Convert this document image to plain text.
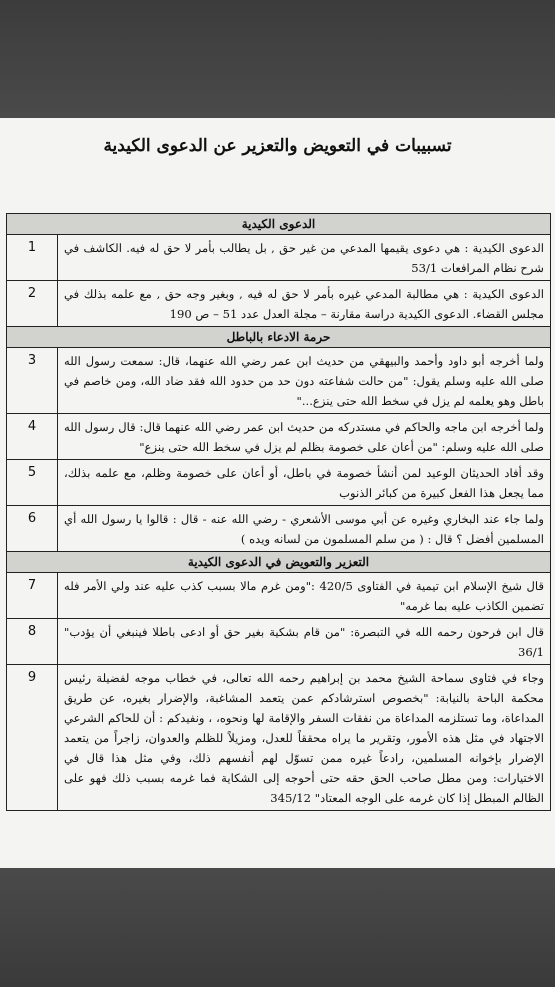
تسبيبات في التعويض والتعزير عن الدعوى الكيدية
الدعوى الكيدية	
الدعوى الكيدية : هي دعوى يقيمها المدعي من غير حق , بل يطالب بأمر لا حق له فيه. الكاشف في شرح نظام المرافعات 53/1	1
الدعوى الكيدية : هي مطالبة المدعي غيره بأمر لا حق له فيه , وبغير وجه حق , مع علمه بذلك في مجلس القضاء. الدعوى الكيدية دراسة مقارنة – مجلة العدل عدد 51 – ص 190	2
حرمة الادعاء بالباطل	
ولما أخرجه أبو داود وأحمد والبيهقي من حديث ابن عمر رضي الله عنهما، قال: سمعت رسول الله صلى الله عليه وسلم يقول: "من حالت شفاعته دون حد من حدود الله فقد ضاد الله، ومن خاصم في باطل وهو يعلمه لم يزل في سخط الله حتى ينزع..."	3
ولما أخرجه ابن ماجه والحاكم في مستدركه من حديث ابن عمر رضي الله عنهما قال: قال رسول الله صلى الله عليه وسلم: "من أعان على خصومة بظلم لم يزل في سخط الله حتى ينزع"	4
وقد أفاد الحديثان الوعيد لمن أنشأ خصومة في باطل، أو أعان على خصومة وظلم، مع علمه بذلك، مما يجعل هذا الفعل كبيرة من كبائر الذنوب	5
ولما جاء عند البخاري وغيره عن أبي موسى الأشعري - رضي الله عنه - قال : قالوا يا رسول الله أي المسلمين أفضل ؟ قال : ( من سلم المسلمون من لسانه ويده )	6
التعزير والتعويض في الدعوى الكيدية	
قال شيخ الإسلام ابن تيمية في الفتاوى 420/5 :"ومن غرم مالا بسبب كذب عليه عند ولي الأمر فله تضمين الكاذب عليه بما غرمه"	7
قال ابن فرحون رحمه الله في التبصرة: "من قام بشكية بغير حق أو ادعى باطلا فينبغي أن يؤدب" 36/1	8
وجاء في فتاوى سماحة الشيخ محمد بن إبراهيم رحمه الله تعالى، في خطاب موجه لفضيلة رئيس محكمة الباحة بالنيابة: "بخصوص استرشادكم عمن يتعمد المشاغبة، والإضرار بغيره، عن طريق المداعاة، وما تستلزمه المداعاة من نفقات السفر والإقامة لها ونحوه، ، ونفيدكم : أن للحاكم الشرعي الاجتهاد في مثل هذه الأمور، وتقرير ما يراه محققاً للعدل، ومزيلاً للظلم والعدوان، زاجراً من يتعمد الإضرار بإخوانه المسلمين، رادعاً غيره ممن تسوّل لهم أنفسهم ذلك، وفي مثل هذا قال في الاختيارات: ومن مطل صاحب الحق حقه حتى أحوجه إلى الشكاية فما غرمه بسبب ذلك فهو على الظالم المبطل إذا كان غرمه على الوجه المعتاد" 345/12	9
